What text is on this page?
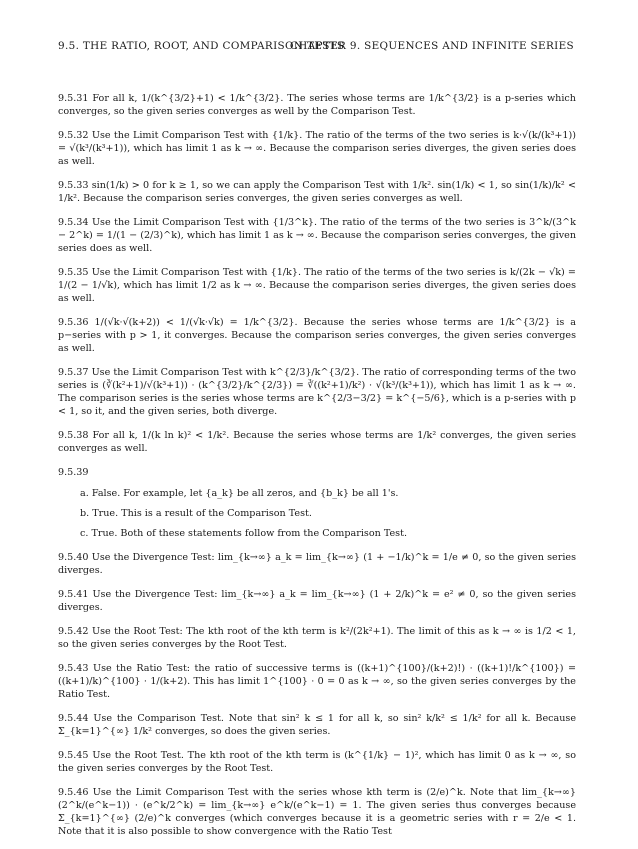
9.5. THE RATIO, ROOT, AND COMPARISON TESTS
CHAPTER 9. SEQUENCES AND INFINITE SERIES

9.5.31 For all k, 1/(k^{3/2}+1) < 1/k^{3/2}. The series whose terms are 1/k^{3/2} is a p-series which converges, so the given series converges as well by the Comparison Test.

9.5.32 Use the Limit Comparison Test with {1/k}. The ratio of the terms of the two series is k·√(k/(k³+1)) = √(k³/(k³+1)), which has limit 1 as k → ∞. Because the comparison series diverges, the given series does as well.

9.5.33 sin(1/k) > 0 for k ≥ 1, so we can apply the Comparison Test with 1/k². sin(1/k) < 1, so sin(1/k)/k² < 1/k². Because the comparison series converges, the given series converges as well.

9.5.34 Use the Limit Comparison Test with {1/3^k}. The ratio of the terms of the two series is 3^k/(3^k − 2^k) = 1/(1 − (2/3)^k), which has limit 1 as k → ∞. Because the comparison series converges, the given series does as well.

9.5.35 Use the Limit Comparison Test with {1/k}. The ratio of the terms of the two series is k/(2k − √k) = 1/(2 − 1/√k), which has limit 1/2 as k → ∞. Because the comparison series diverges, the given series does as well.

9.5.36 1/(√k·√(k+2)) < 1/(√k·√k) = 1/k^{3/2}. Because the series whose terms are 1/k^{3/2} is a p−series with p > 1, it converges. Because the comparison series converges, the given series converges as well.

9.5.37 Use the Limit Comparison Test with k^{2/3}/k^{3/2}. The ratio of corresponding terms of the two series is (∛(k²+1)/√(k³+1)) · (k^{3/2}/k^{2/3}) = ∛((k²+1)/k²) · √(k³/(k³+1)), which has limit 1 as k → ∞. The comparison series is the series whose terms are k^{2/3−3/2} = k^{−5/6}, which is a p-series with p < 1, so it, and the given series, both diverge.

9.5.38 For all k, 1/(k ln k)² < 1/k². Because the series whose terms are 1/k² converges, the given series converges as well.

9.5.39

a. False. For example, let {a_k} be all zeros, and {b_k} be all 1's.

b. True. This is a result of the Comparison Test.

c. True. Both of these statements follow from the Comparison Test.

9.5.40 Use the Divergence Test: lim_{k→∞} a_k = lim_{k→∞} (1 + −1/k)^k = 1/e ≠ 0, so the given series diverges.

9.5.41 Use the Divergence Test: lim_{k→∞} a_k = lim_{k→∞} (1 + 2/k)^k = e² ≠ 0, so the given series diverges.

9.5.42 Use the Root Test: The kth root of the kth term is k²/(2k²+1). The limit of this as k → ∞ is 1/2 < 1, so the given series converges by the Root Test.

9.5.43 Use the Ratio Test: the ratio of successive terms is ((k+1)^{100}/(k+2)!) · ((k+1)!/k^{100}) = ((k+1)/k)^{100} · 1/(k+2). This has limit 1^{100} · 0 = 0 as k → ∞, so the given series converges by the Ratio Test.

9.5.44 Use the Comparison Test. Note that sin² k ≤ 1 for all k, so sin² k/k² ≤ 1/k² for all k. Because Σ_{k=1}^{∞} 1/k² converges, so does the given series.

9.5.45 Use the Root Test. The kth root of the kth term is (k^{1/k} − 1)², which has limit 0 as k → ∞, so the given series converges by the Root Test.

9.5.46 Use the Limit Comparison Test with the series whose kth term is (2/e)^k. Note that lim_{k→∞} (2^k/(e^k−1)) · (e^k/2^k) = lim_{k→∞} e^k/(e^k−1) = 1. The given series thus converges because Σ_{k=1}^{∞} (2/e)^k converges (which converges because it is a geometric series with r = 2/e < 1. Note that it is also possible to show convergence with the Ratio Test
